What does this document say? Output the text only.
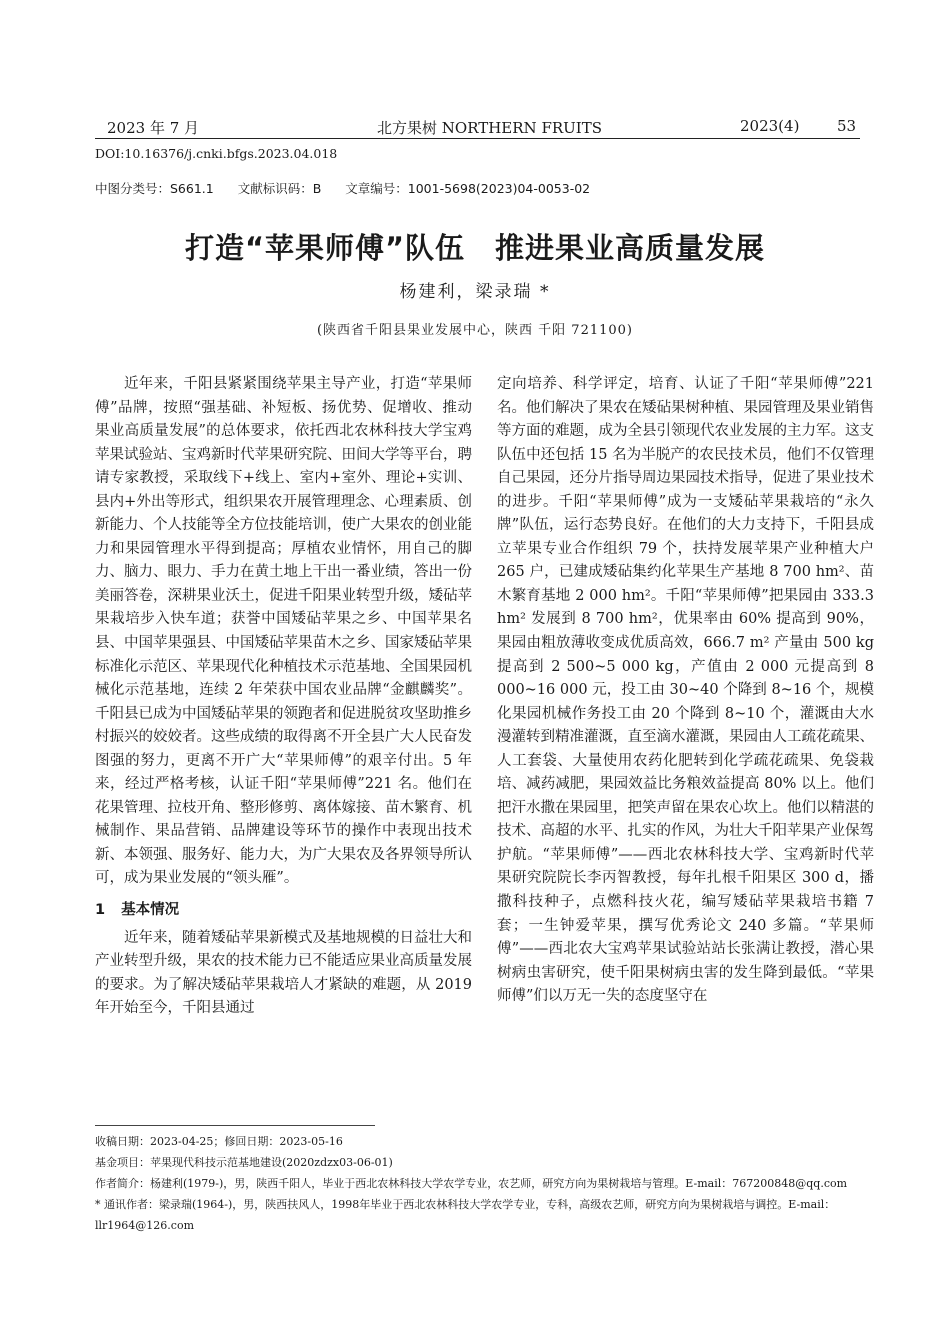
2023 年 7 月	北方果树 NORTHERN FRUITS	2023(4)	53
DOI:10.16376/j.cnki.bfgs.2023.04.018
中图分类号：S661.1 文献标识码：B 文章编号：1001-5698(2023)04-0053-02
打造“苹果师傅”队伍　推进果业高质量发展
杨建利，梁录瑞 *
(陕西省千阳县果业发展中心，陕西 千阳 721100)

近年来，千阳县紧紧围绕苹果主导产业，打造“苹果师傅”品牌，按照“强基础、补短板、扬优势、促增收、推动果业高质量发展”的总体要求，依托西北农林科技大学宝鸡苹果试验站、宝鸡新时代苹果研究院、田间大学等平台，聘请专家教授，采取线下+线上、室内+室外、理论+实训、县内+外出等形式，组织果农开展管理理念、心理素质、创新能力、个人技能等全方位技能培训，使广大果农的创业能力和果园管理水平得到提高；厚植农业情怀，用自己的脚力、脑力、眼力、手力在黄土地上干出一番业绩，答出一份美丽答卷，深耕果业沃土，促进千阳果业转型升级，矮砧苹果栽培步入快车道；获誉中国矮砧苹果之乡、中国苹果名县、中国苹果强县、中国矮砧苹果苗木之乡、国家矮砧苹果标准化示范区、苹果现代化种植技术示范基地、全国果园机械化示范基地，连续 2 年荣获中国农业品牌“金麒麟奖”。千阳县已成为中国矮砧苹果的领跑者和促进脱贫攻坚助推乡村振兴的姣姣者。这些成绩的取得离不开全县广大人民奋发图强的努力，更离不开广大“苹果师傅”的艰辛付出。5 年来，经过严格考核，认证千阳“苹果师傅”221 名。他们在花果管理、拉枝开角、整形修剪、离体嫁接、苗木繁育、机械制作、果品营销、品牌建设等环节的操作中表现出技术新、本领强、服务好、能力大，为广大果农及各界领导所认可，成为果业发展的“领头雁”。

1 基本情况

近年来，随着矮砧苹果新模式及基地规模的日益壮大和产业转型升级，果农的技术能力已不能适应果业高质量发展的要求。为了解决矮砧苹果栽培人才紧缺的难题，从 2019 年开始至今，千阳县通过

定向培养、科学评定，培育、认证了千阳“苹果师傅”221 名。他们解决了果农在矮砧果树种植、果园管理及果业销售等方面的难题，成为全县引领现代农业发展的主力军。这支队伍中还包括 15 名为半脱产的农民技术员，他们不仅管理自己果园，还分片指导周边果园技术指导，促进了果业技术的进步。千阳“苹果师傅”成为一支矮砧苹果栽培的“永久牌”队伍，运行态势良好。在他们的大力支持下，千阳县成立苹果专业合作组织 79 个，扶持发展苹果产业种植大户 265 户，已建成矮砧集约化苹果生产基地 8 700 hm²、苗木繁育基地 2 000 hm²。千阳“苹果师傅”把果园由 333.3 hm² 发展到 8 700 hm²，优果率由 60% 提高到 90%，果园由粗放薄收变成优质高效，666.7 m² 产量由 500 kg 提高到 2 500~5 000 kg，产值由 2 000 元提高到 8 000~16 000 元，投工由 30~40 个降到 8~16 个，规模化果园机械作务投工由 20 个降到 8~10 个，灌溉由大水漫灌转到精准灌溉，直至滴水灌溉，果园由人工疏花疏果、人工套袋、大量使用农药化肥转到化学疏花疏果、免袋栽培、减药减肥，果园效益比务粮效益提高 80% 以上。他们把汗水撒在果园里，把笑声留在果农心坎上。他们以精湛的技术、高超的水平、扎实的作风，为壮大千阳苹果产业保驾护航。“苹果师傅”——西北农林科技大学、宝鸡新时代苹果研究院院长李丙智教授，每年扎根千阳果区 300 d，播撒科技种子，点燃科技火花，编写矮砧苹果栽培书籍 7 套；一生钟爱苹果，撰写优秀论文 240 多篇。“苹果师傅”——西北农大宝鸡苹果试验站站长张满让教授，潜心果树病虫害研究，使千阳果树病虫害的发生降到最低。“苹果师傅”们以万无一失的态度坚守在

收稿日期：2023-04-25；修回日期：2023-05-16
基金项目：苹果现代科技示范基地建设(2020zdzx03-06-01)
作者简介：杨建利(1979-)，男，陕西千阳人，毕业于西北农林科技大学农学专业，农艺师，研究方向为果树栽培与管理。E-mail：767200848@qq.com
* 通讯作者：梁录瑞(1964-)，男，陕西扶风人，1998年毕业于西北农林科技大学农学专业，专科，高级农艺师，研究方向为果树栽培与调控。E-mail：llr1964@126.com
